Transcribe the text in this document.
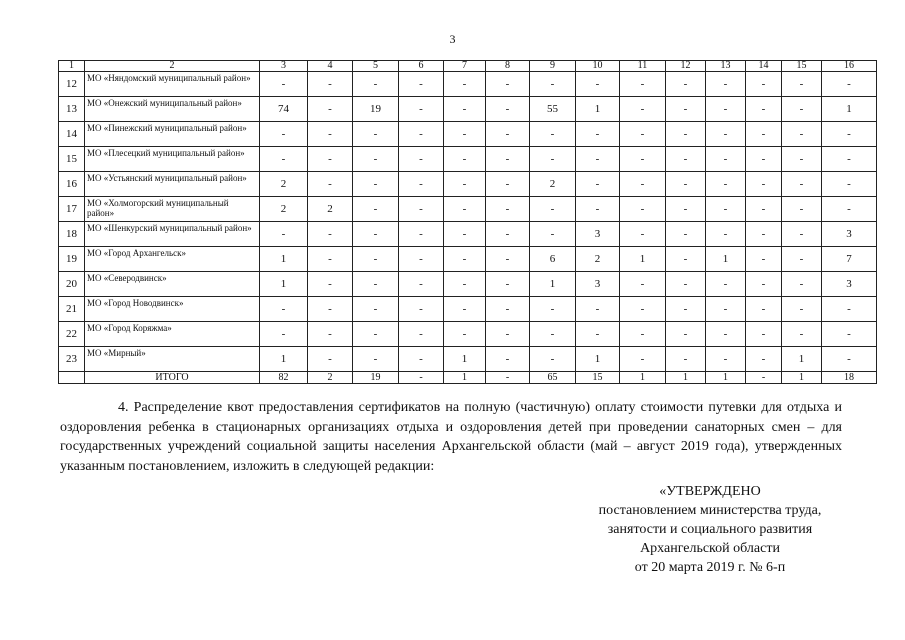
3
1	2	3	4	5	6	7	8	9	10	11	12	13	14	15	16
12	МО «Няндомский муниципальный район»	-	-	-	-	-	-	-	-	-	-	-	-	-	-
13	МО «Онежский муниципальный район»	74	-	19	-	-	-	55	1	-	-	-	-	-	1
14	МО «Пинежский муниципальный район»	-	-	-	-	-	-	-	-	-	-	-	-	-	-
15	МО «Плесецкий муниципальный район»	-	-	-	-	-	-	-	-	-	-	-	-	-	-
16	МО «Устьянский муниципальный район»	2	-	-	-	-	-	2	-	-	-	-	-	-	-
17	МО «Холмогорский муниципальный район»	2	2	-	-	-	-	-	-	-	-	-	-	-	-
18	МО «Шенкурский муниципальный район»	-	-	-	-	-	-	-	3	-	-	-	-	-	3
19	МО «Город Архангельск»	1	-	-	-	-	-	6	2	1	-	1	-	-	7
20	МО «Северодвинск»	1	-	-	-	-	-	1	3	-	-	-	-	-	3
21	МО «Город Новодвинск»	-	-	-	-	-	-	-	-	-	-	-	-	-	-
22	МО «Город Коряжма»	-	-	-	-	-	-	-	-	-	-	-	-	-	-
23	МО «Мирный»	1	-	-	-	1	-	-	1	-	-	-	-	1	-
	ИТОГО	82	2	19	-	1	-	65	15	1	1	1	-	1	18

4. Распределение квот предоставления сертификатов на полную (частичную) оплату стоимости путевки для отдыха и оздоровления ребенка в стационарных организациях отдыха и оздоровления детей при проведении санаторных смен – для государственных учреждений социальной защиты населения Архангельской области (май – август 2019 года), утвержденных указанным постановлением, изложить в следующей редакции:

«УТВЕРЖДЕНО
постановлением министерства труда,
занятости и социального развития
Архангельской области
от 20 марта 2019 г. № 6-п
